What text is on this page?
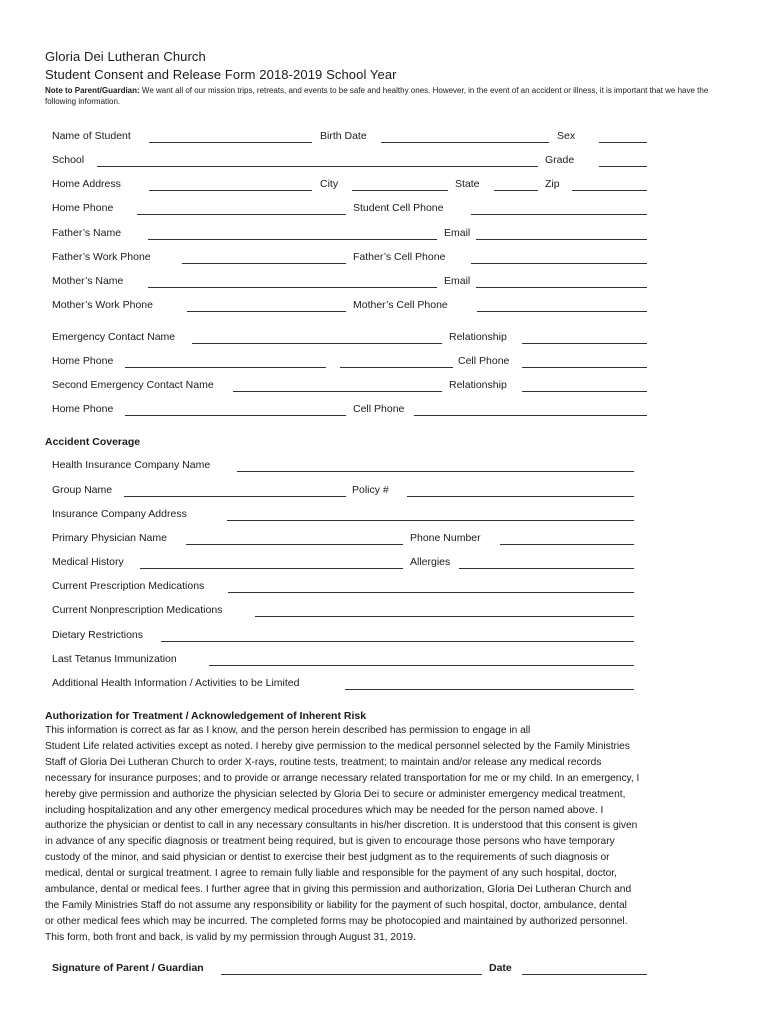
Gloria Dei Lutheran Church
Student Consent and Release Form 2018-2019 School Year
Note to Parent/Guardian: We want all of our mission trips, retreats, and events to be safe and healthy ones. However, in the event of an accident or illness, it is important that we have the following information.
Name of Student	Birth Date	Sex
School	Grade
Home Address	City	State	Zip
Home Phone	Student Cell Phone
Father’s Name	Email
Father’s Work Phone	Father’s Cell Phone
Mother’s Name	Email
Mother’s Work Phone	Mother’s Cell Phone
Emergency Contact Name	Relationship
Home Phone	Cell Phone
Second Emergency Contact Name	Relationship
Home Phone	Cell Phone
Accident Coverage
Health Insurance Company Name
Group Name	Policy #
Insurance Company Address
Primary Physician Name	Phone Number
Medical History	Allergies
Current Prescription Medications
Current Nonprescription Medications
Dietary Restrictions
Last Tetanus Immunization
Additional Health Information / Activities to be Limited
Authorization for Treatment / Acknowledgement of Inherent Risk
This information is correct as far as I know, and the person herein described has permission to engage in all
Student Life related activities except as noted. I hereby give permission to the medical personnel selected by the Family Ministries
Staff of Gloria Dei Lutheran Church to order X-rays, routine tests, treatment; to maintain and/or release any medical records
necessary for insurance purposes; and to provide or arrange necessary related transportation for me or my child. In an emergency, I
hereby give permission and authorize the physician selected by Gloria Dei to secure or administer emergency medical treatment,
including hospitalization and any other emergency medical procedures which may be needed for the person named above. I
authorize the physician or dentist to call in any necessary consultants in his/her discretion. It is understood that this consent is given
in advance of any specific diagnosis or treatment being required, but is given to encourage those persons who have temporary
custody of the minor, and said physician or dentist to exercise their best judgment as to the requirements of such diagnosis or
medical, dental or surgical treatment. I agree to remain fully liable and responsible for the payment of any such hospital, doctor,
ambulance, dental or medical fees. I further agree that in giving this permission and authorization, Gloria Dei Lutheran Church and
the Family Ministries Staff do not assume any responsibility or liability for the payment of such hospital, doctor, ambulance, dental
or other medical fees which may be incurred. The completed forms may be photocopied and maintained by authorized personnel.
This form, both front and back, is valid by my permission through August 31, 2019.
Signature of Parent / Guardian	Date
